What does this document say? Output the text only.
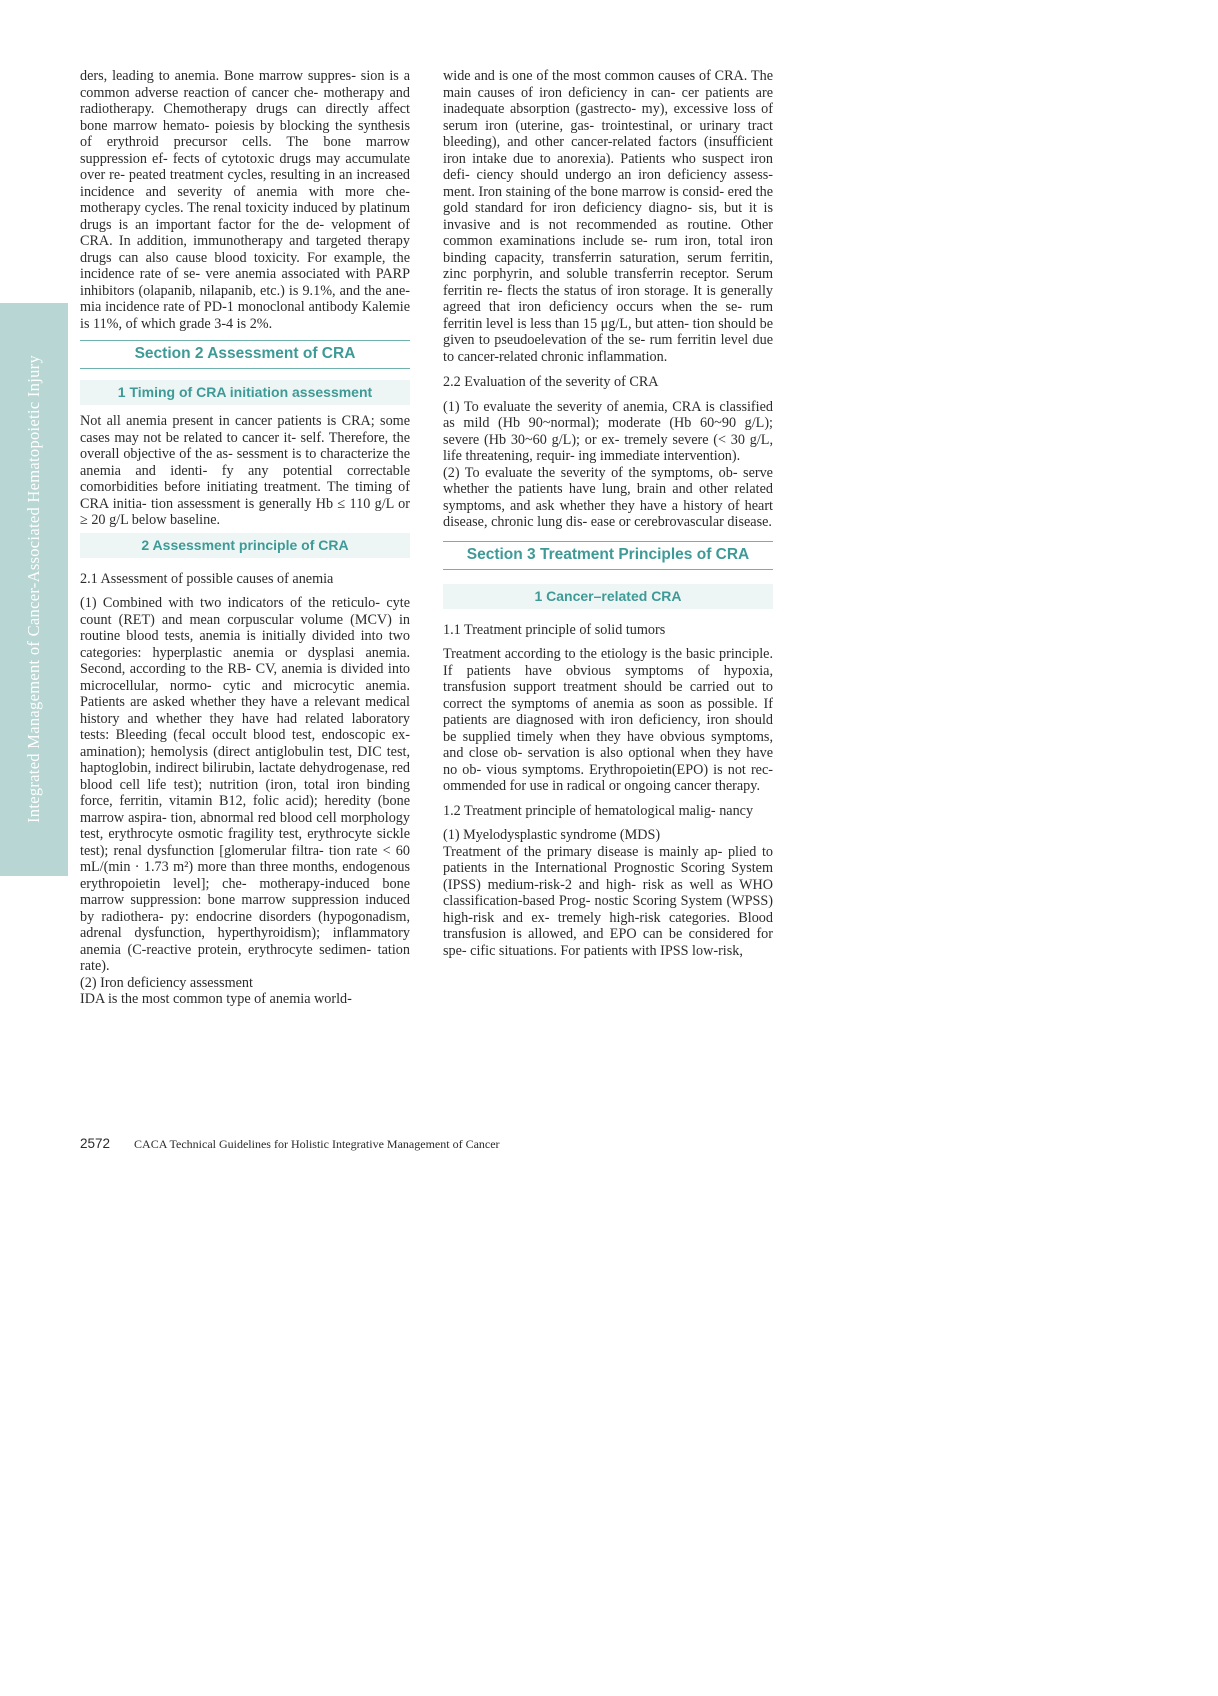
Integrated Management of Cancer-Associated Hematopoietic Injury

ders, leading to anemia. Bone marrow suppres- sion is a common adverse reaction of cancer che- motherapy and radiotherapy. Chemotherapy drugs can directly affect bone marrow hemato- poiesis by blocking the synthesis of erythroid precursor cells. The bone marrow suppression ef- fects of cytotoxic drugs may accumulate over re- peated treatment cycles, resulting in an increased incidence and severity of anemia with more che- motherapy cycles. The renal toxicity induced by platinum drugs is an important factor for the de- velopment of CRA. In addition, immunotherapy and targeted therapy drugs can also cause blood toxicity. For example, the incidence rate of se- vere anemia associated with PARP inhibitors (olapanib, nilapanib, etc.) is 9.1%, and the ane- mia incidence rate of PD-1 monoclonal antibody Kalemie is 11%, of which grade 3-4 is 2%.

Section 2 Assessment of CRA
1 Timing of CRA initiation assessment

Not all anemia present in cancer patients is CRA; some cases may not be related to cancer it- self. Therefore, the overall objective of the as- sessment is to characterize the anemia and identi- fy any potential correctable comorbidities before initiating treatment. The timing of CRA initia- tion assessment is generally Hb ≤ 110 g/L or ≥ 20 g/L below baseline.

2 Assessment principle of CRA
2.1 Assessment of possible causes of anemia

(1) Combined with two indicators of the reticulo- cyte count (RET) and mean corpuscular volume (MCV) in routine blood tests, anemia is initially divided into two categories: hyperplastic anemia or dysplasi anemia. Second, according to the RB- CV, anemia is divided into microcellular, normo- cytic and microcytic anemia. Patients are asked whether they have a relevant medical history and whether they have had related laboratory tests: Bleeding (fecal occult blood test, endoscopic ex- amination); hemolysis (direct antiglobulin test, DIC test, haptoglobin, indirect bilirubin, lactate dehydrogenase, red blood cell life test); nutrition (iron, total iron binding force, ferritin, vitamin B12, folic acid); heredity (bone marrow aspira- tion, abnormal red blood cell morphology test, erythrocyte osmotic fragility test, erythrocyte sickle test); renal dysfunction [glomerular filtra- tion rate < 60 mL/(min · 1.73 m²) more than three months, endogenous erythropoietin level]; che- motherapy-induced bone marrow suppression: bone marrow suppression induced by radiothera- py: endocrine disorders (hypogonadism, adrenal dysfunction, hyperthyroidism); inflammatory anemia (C-reactive protein, erythrocyte sedimen- tation rate).

(2) Iron deficiency assessment

IDA is the most common type of anemia world-

wide and is one of the most common causes of CRA. The main causes of iron deficiency in can- cer patients are inadequate absorption (gastrecto- my), excessive loss of serum iron (uterine, gas- trointestinal, or urinary tract bleeding), and other cancer-related factors (insufficient iron intake due to anorexia). Patients who suspect iron defi- ciency should undergo an iron deficiency assess- ment. Iron staining of the bone marrow is consid- ered the gold standard for iron deficiency diagno- sis, but it is invasive and is not recommended as routine. Other common examinations include se- rum iron, total iron binding capacity, transferrin saturation, serum ferritin, zinc porphyrin, and soluble transferrin receptor. Serum ferritin re- flects the status of iron storage. It is generally agreed that iron deficiency occurs when the se- rum ferritin level is less than 15 μg/L, but atten- tion should be given to pseudoelevation of the se- rum ferritin level due to cancer-related chronic inflammation.

2.2 Evaluation of the severity of CRA

(1) To evaluate the severity of anemia, CRA is classified as mild (Hb 90~normal); moderate (Hb 60~90 g/L); severe (Hb 30~60 g/L); or ex- tremely severe (< 30 g/L, life threatening, requir- ing immediate intervention).

(2) To evaluate the severity of the symptoms, ob- serve whether the patients have lung, brain and other related symptoms, and ask whether they have a history of heart disease, chronic lung dis- ease or cerebrovascular disease.

Section 3 Treatment Principles of CRA
1 Cancer–related CRA
1.1 Treatment principle of solid tumors

Treatment according to the etiology is the basic principle. If patients have obvious symptoms of hypoxia, transfusion support treatment should be carried out to correct the symptoms of anemia as soon as possible. If patients are diagnosed with iron deficiency, iron should be supplied timely when they have obvious symptoms, and close ob- servation is also optional when they have no ob- vious symptoms. Erythropoietin(EPO) is not rec- ommended for use in radical or ongoing cancer therapy.

1.2 Treatment principle of hematological malig- nancy
(1) Myelodysplastic syndrome (MDS)

Treatment of the primary disease is mainly ap- plied to patients in the International Prognostic Scoring System (IPSS) medium-risk-2 and high- risk as well as WHO classification-based Prog- nostic Scoring System (WPSS) high-risk and ex- tremely high-risk categories. Blood transfusion is allowed, and EPO can be considered for spe- cific situations. For patients with IPSS low-risk,

2572 CACA Technical Guidelines for Holistic Integrative Management of Cancer
